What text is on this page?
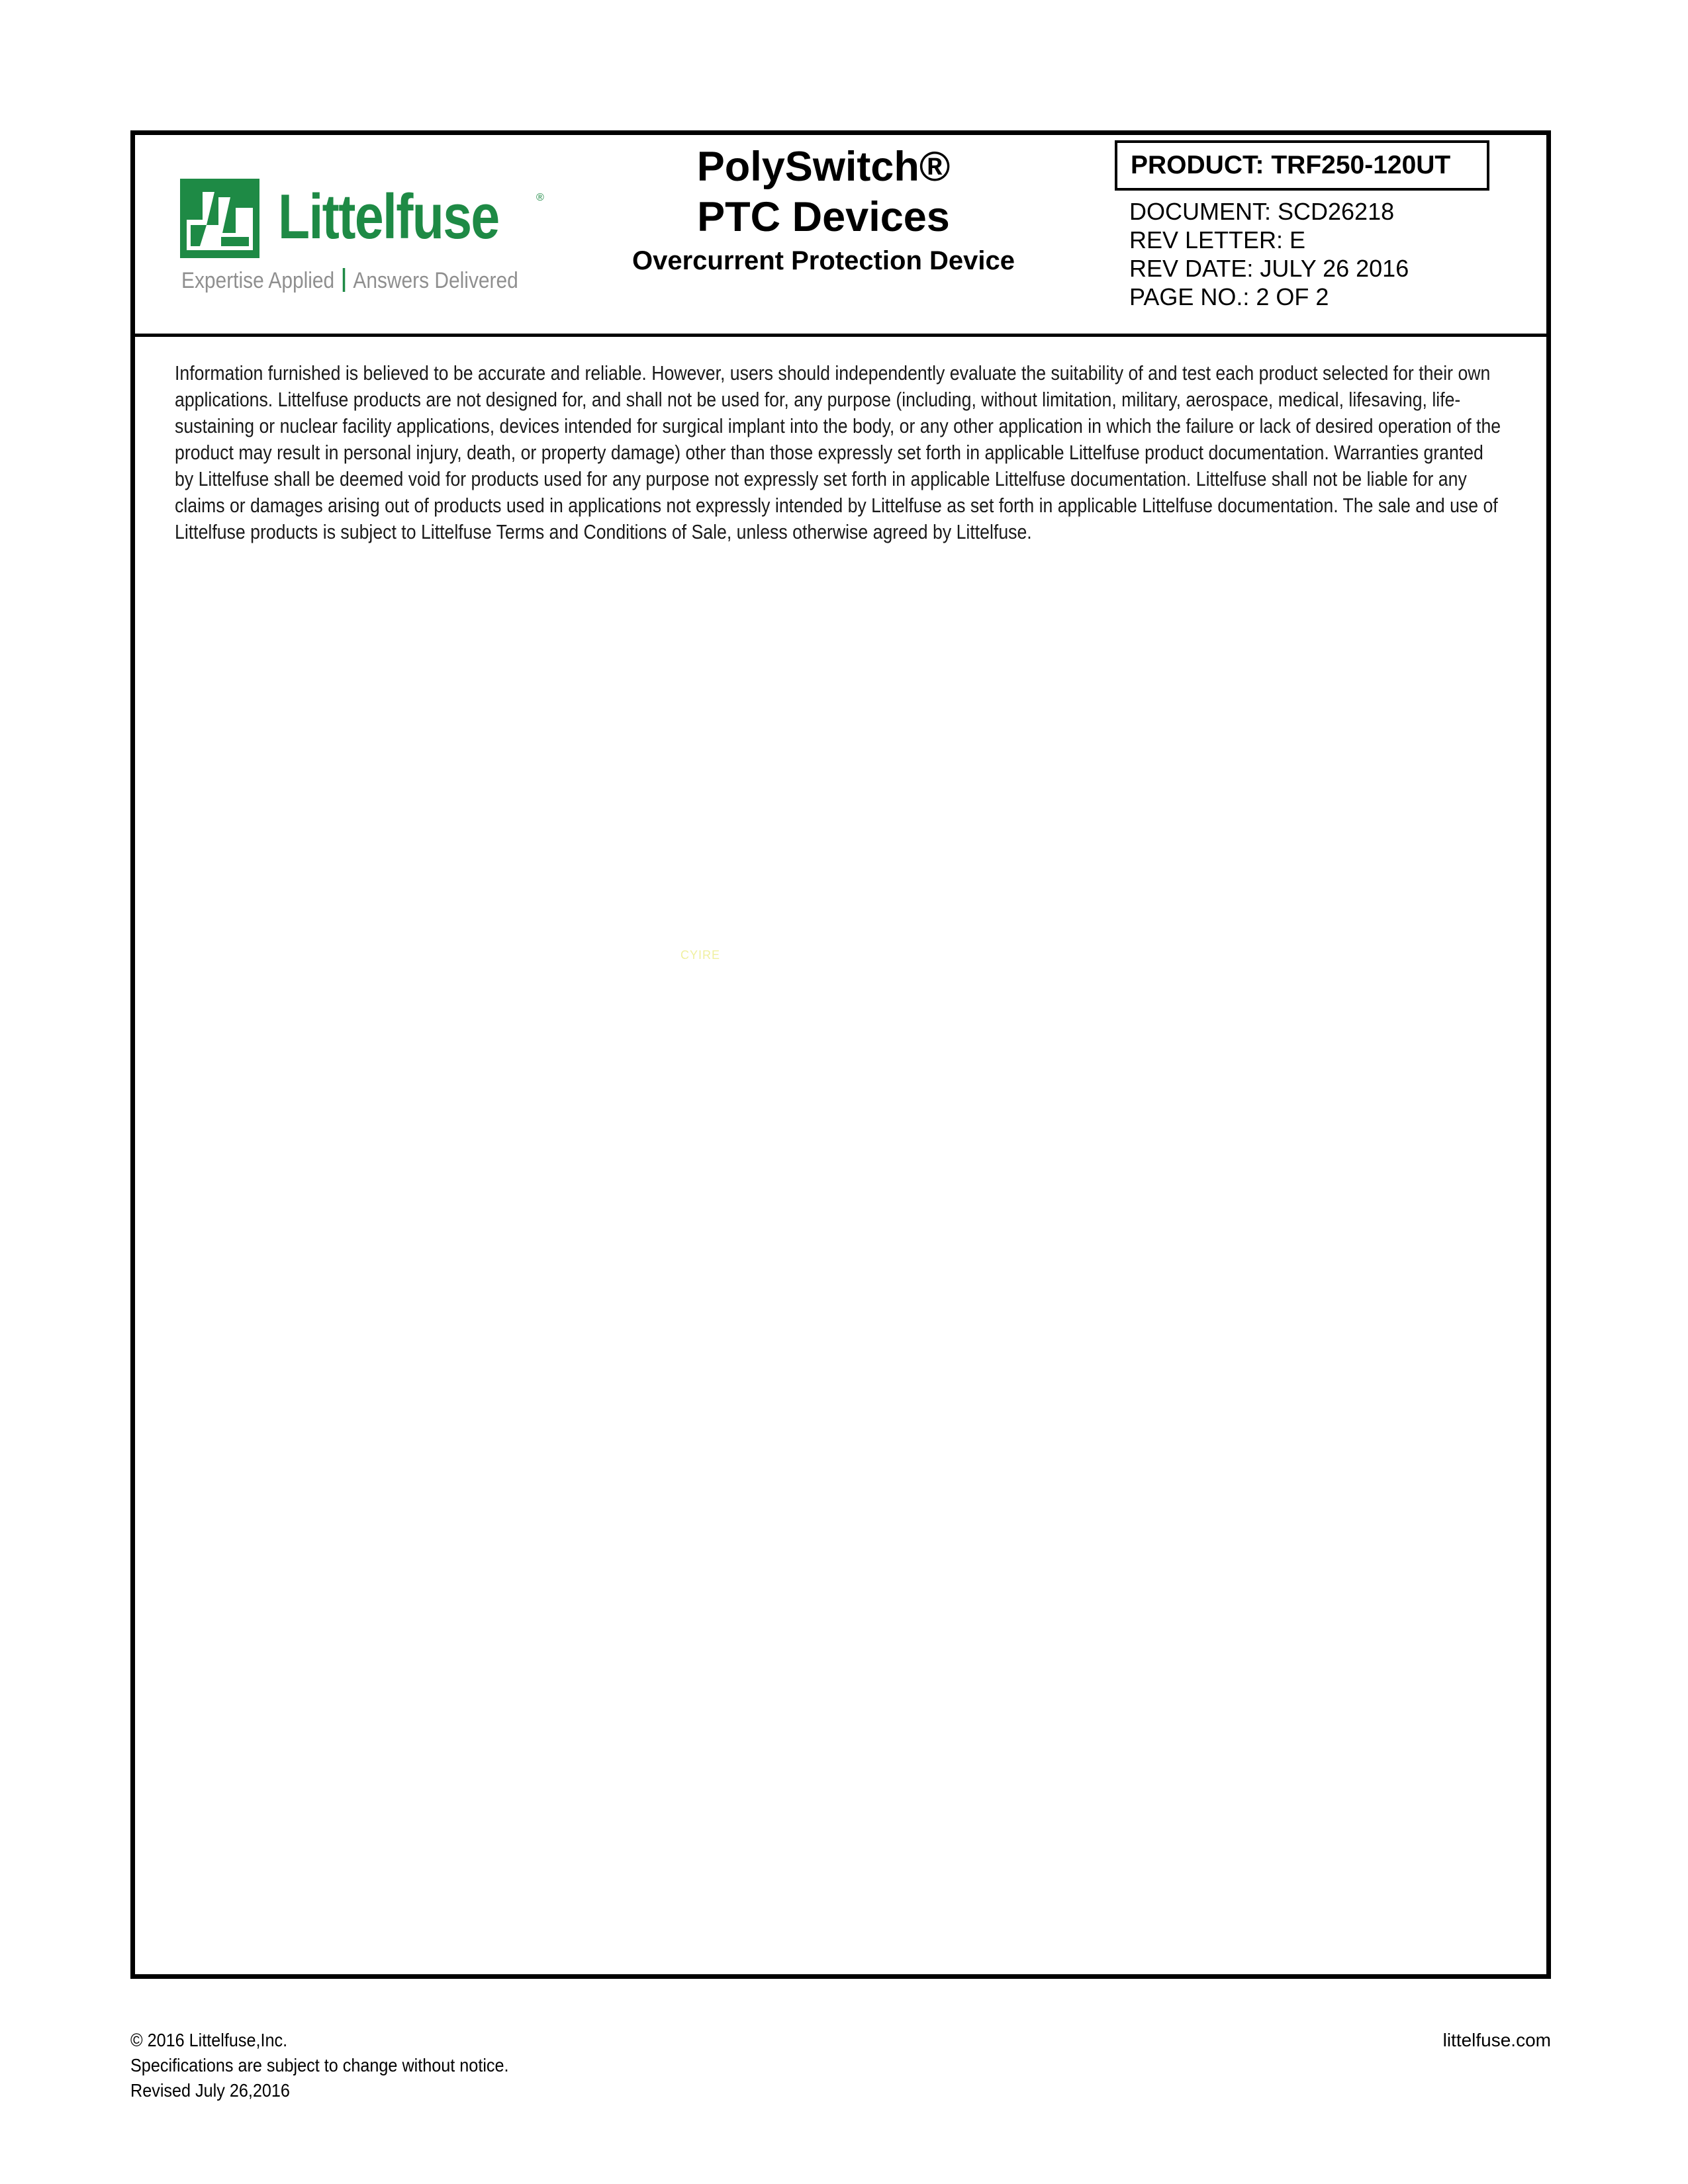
Littelfuse	®
Expertise Applied Answers Delivered
PolySwitch®
PTC Devices
Overcurrent Protection Device
PRODUCT: TRF250-120UT
DOCUMENT: SCD26218
REV LETTER: E
REV DATE: JULY 26 2016
PAGE NO.: 2 OF 2
Information furnished is believed to be accurate and reliable. However, users should independently evaluate the suitability of and test each product selected for their own applications. Littelfuse products are not designed for, and shall not be used for, any purpose (including, without limitation, military, aerospace, medical, lifesaving, life-sustaining or nuclear facility applications, devices intended for surgical implant into the body, or any other application in which the failure or lack of desired operation of the product may result in personal injury, death, or property damage) other than those expressly set forth in applicable Littelfuse product documentation. Warranties granted by Littelfuse shall be deemed void for products used for any purpose not expressly set forth in applicable Littelfuse documentation. Littelfuse shall not be liable for any claims or damages arising out of products used in applications not expressly intended by Littelfuse as set forth in applicable Littelfuse documentation. The sale and use of Littelfuse products is subject to Littelfuse Terms and Conditions of Sale, unless otherwise agreed by Littelfuse.
CYIRE
© 2016 Littelfuse,Inc.
Specifications are subject to change without notice.
Revised July 26,2016
littelfuse.com
